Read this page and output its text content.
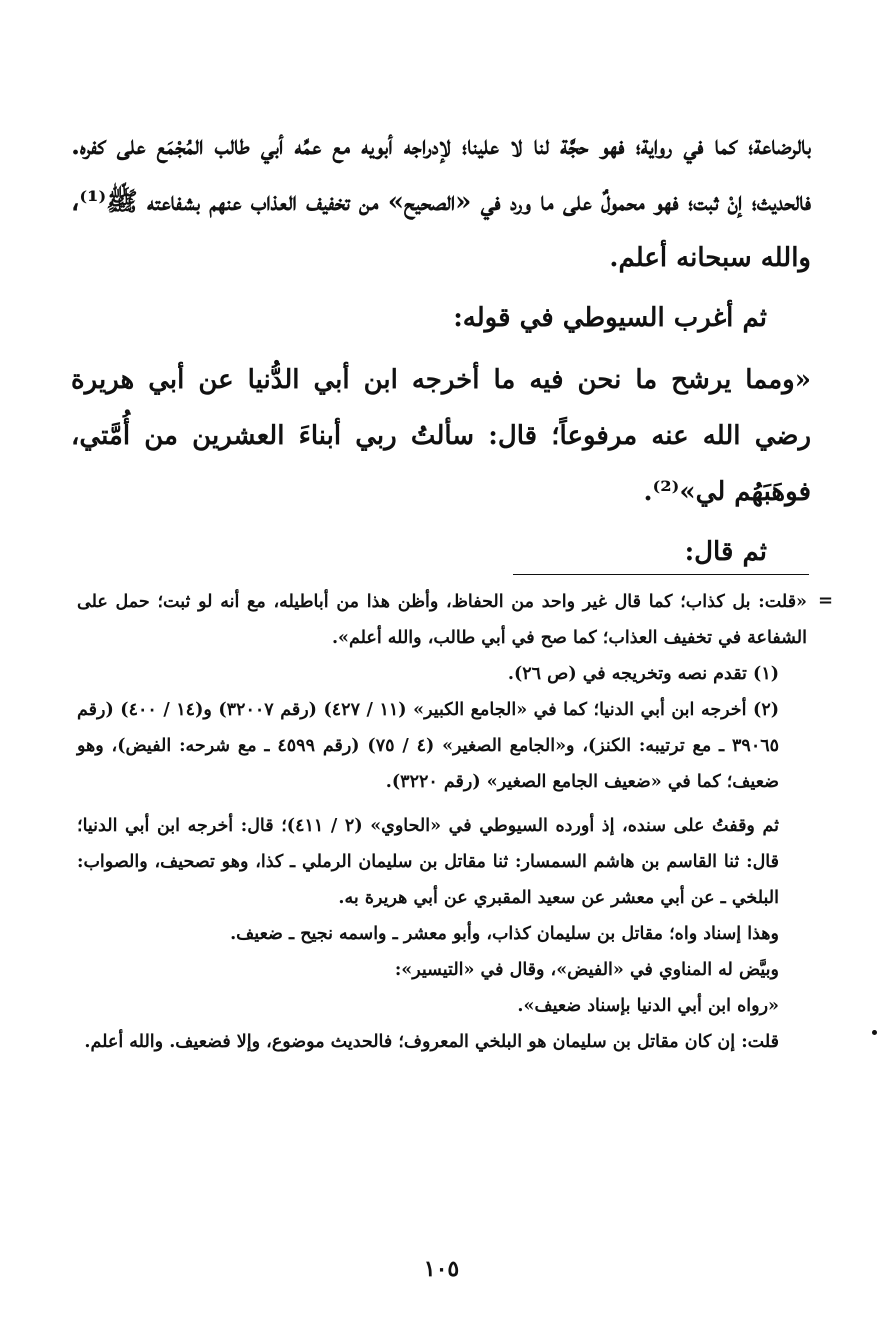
بالرضاعة؛ كما في رواية؛ فهو حجَّة لنا لا علينا؛ لإدراجه أبويه مع عمِّه أبي طالب المُجْمَع على كفره. فالحديث؛ إنْ ثبت؛ فهو محمولٌ على ما ورد في «الصحيح» من تخفيف العذاب عنهم بشفاعته ﷺ⁽¹⁾، والله سبحانه أعلم.

ثم أغرب السيوطي في قوله:

«ومما يرشح ما نحن فيه ما أخرجه ابن أبي الدُّنيا عن أبي هريرة رضي الله عنه مرفوعاً؛ قال: سألتُ ربي أبناءَ العشرين من أُمَّتي، فوهَبَهُم لي»⁽²⁾.

ثم قال:

=

«قلت: بل كذاب؛ كما قال غير واحد من الحفاظ، وأظن هذا من أباطيله، مع أنه لو ثبت؛ حمل على الشفاعة في تخفيف العذاب؛ كما صح في أبي طالب، والله أعلم».

(١) تقدم نصه وتخريجه في (ص ٢٦).

(٢) أخرجه ابن أبي الدنيا؛ كما في «الجامع الكبير» (١١ / ٤٢٧) (رقم ٣٢٠٠٧) و(١٤ / ٤٠٠) (رقم ٣٩٠٦٥ ـ مع ترتيبه: الكنز)، و«الجامع الصغير» (٤ / ٧٥) (رقم ٤٥٩٩ ـ مع شرحه: الفيض)، وهو ضعيف؛ كما في «ضعيف الجامع الصغير» (رقم ٣٢٢٠).

ثم وقفتُ على سنده، إذ أورده السيوطي في «الحاوي» (٢ / ٤١١)؛ قال: أخرجه ابن أبي الدنيا؛ قال: ثنا القاسم بن هاشم السمسار: ثنا مقاتل بن سليمان الرملي ـ كذا، وهو تصحيف، والصواب: البلخي ـ عن أبي معشر عن سعيد المقبري عن أبي هريرة به.

وهذا إسناد واه؛ مقاتل بن سليمان كذاب، وأبو معشر ـ واسمه نجيح ـ ضعيف.

وبيَّض له المناوي في «الفيض»، وقال في «التيسير»:

«رواه ابن أبي الدنيا بإسناد ضعيف».

قلت: إن كان مقاتل بن سليمان هو البلخي المعروف؛ فالحديث موضوع، وإلا فضعيف. والله أعلم.

١٠٥
